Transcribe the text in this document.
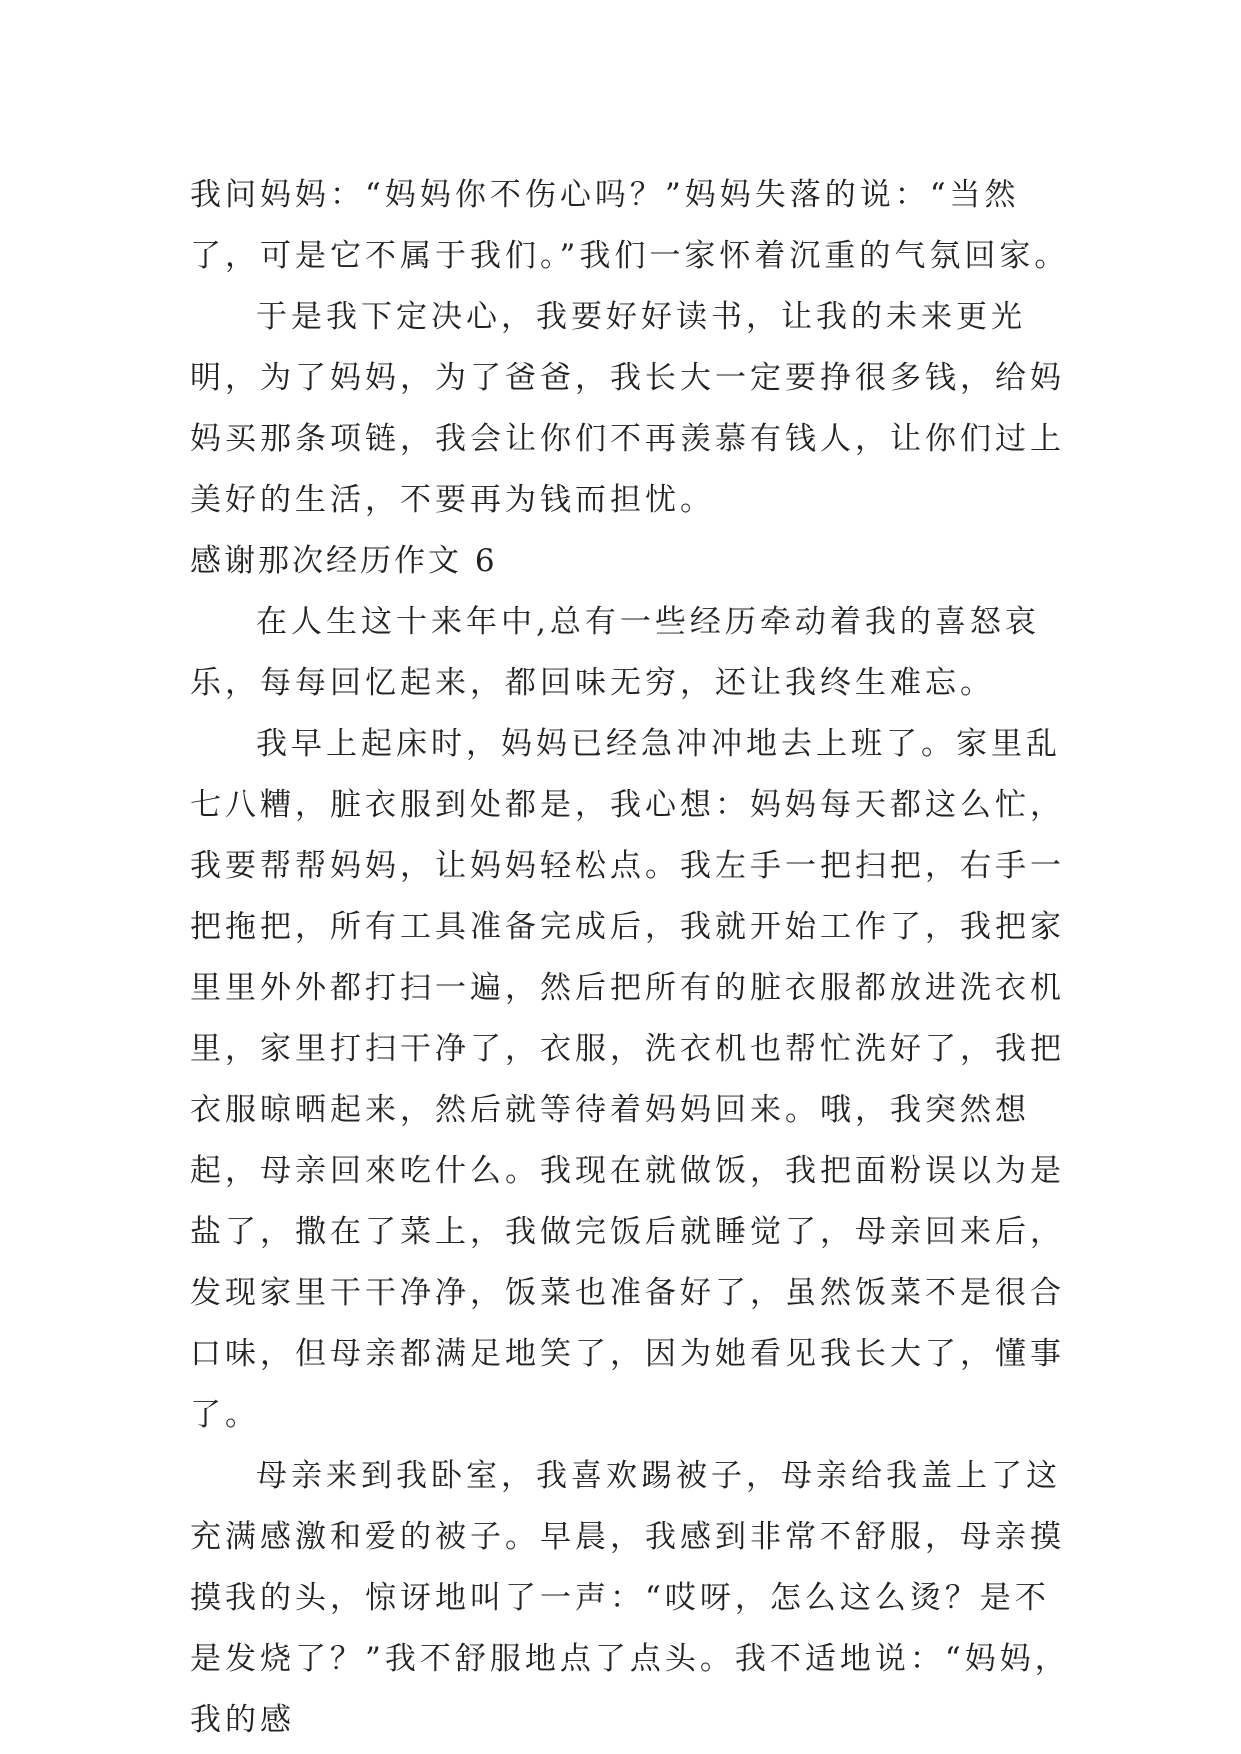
我问妈妈：“妈妈你不伤心吗？”妈妈失落的说：“当然了，可是它不属于我们。”我们一家怀着沉重的气氛回家。

于是我下定决心，我要好好读书，让我的未来更光明，为了妈妈，为了爸爸，我长大一定要挣很多钱，给妈妈买那条项链，我会让你们不再羡慕有钱人，让你们过上美好的生活，不要再为钱而担忧。

感谢那次经历作文 6

在人生这十来年中,总有一些经历牵动着我的喜怒哀乐，每每回忆起来，都回味无穷，还让我终生难忘。

我早上起床时，妈妈已经急冲冲地去上班了。家里乱七八糟，脏衣服到处都是，我心想：妈妈每天都这么忙，我要帮帮妈妈，让妈妈轻松点。我左手一把扫把，右手一把拖把，所有工具准备完成后，我就开始工作了，我把家里里外外都打扫一遍，然后把所有的脏衣服都放进洗衣机里，家里打扫干净了，衣服，洗衣机也帮忙洗好了，我把衣服晾晒起来，然后就等待着妈妈回来。哦，我突然想起，母亲回來吃什么。我现在就做饭，我把面粉误以为是盐了，撒在了菜上，我做完饭后就睡觉了，母亲回来后，发现家里干干净净，饭菜也准备好了，虽然饭菜不是很合口味，但母亲都满足地笑了，因为她看见我长大了，懂事了。

母亲来到我卧室，我喜欢踢被子，母亲给我盖上了这充满感激和爱的被子。早晨，我感到非常不舒服，母亲摸摸我的头，惊讶地叫了一声：“哎呀，怎么这么烫？是不是发烧了？”我不舒服地点了点头。我不适地说：“妈妈，我的感
